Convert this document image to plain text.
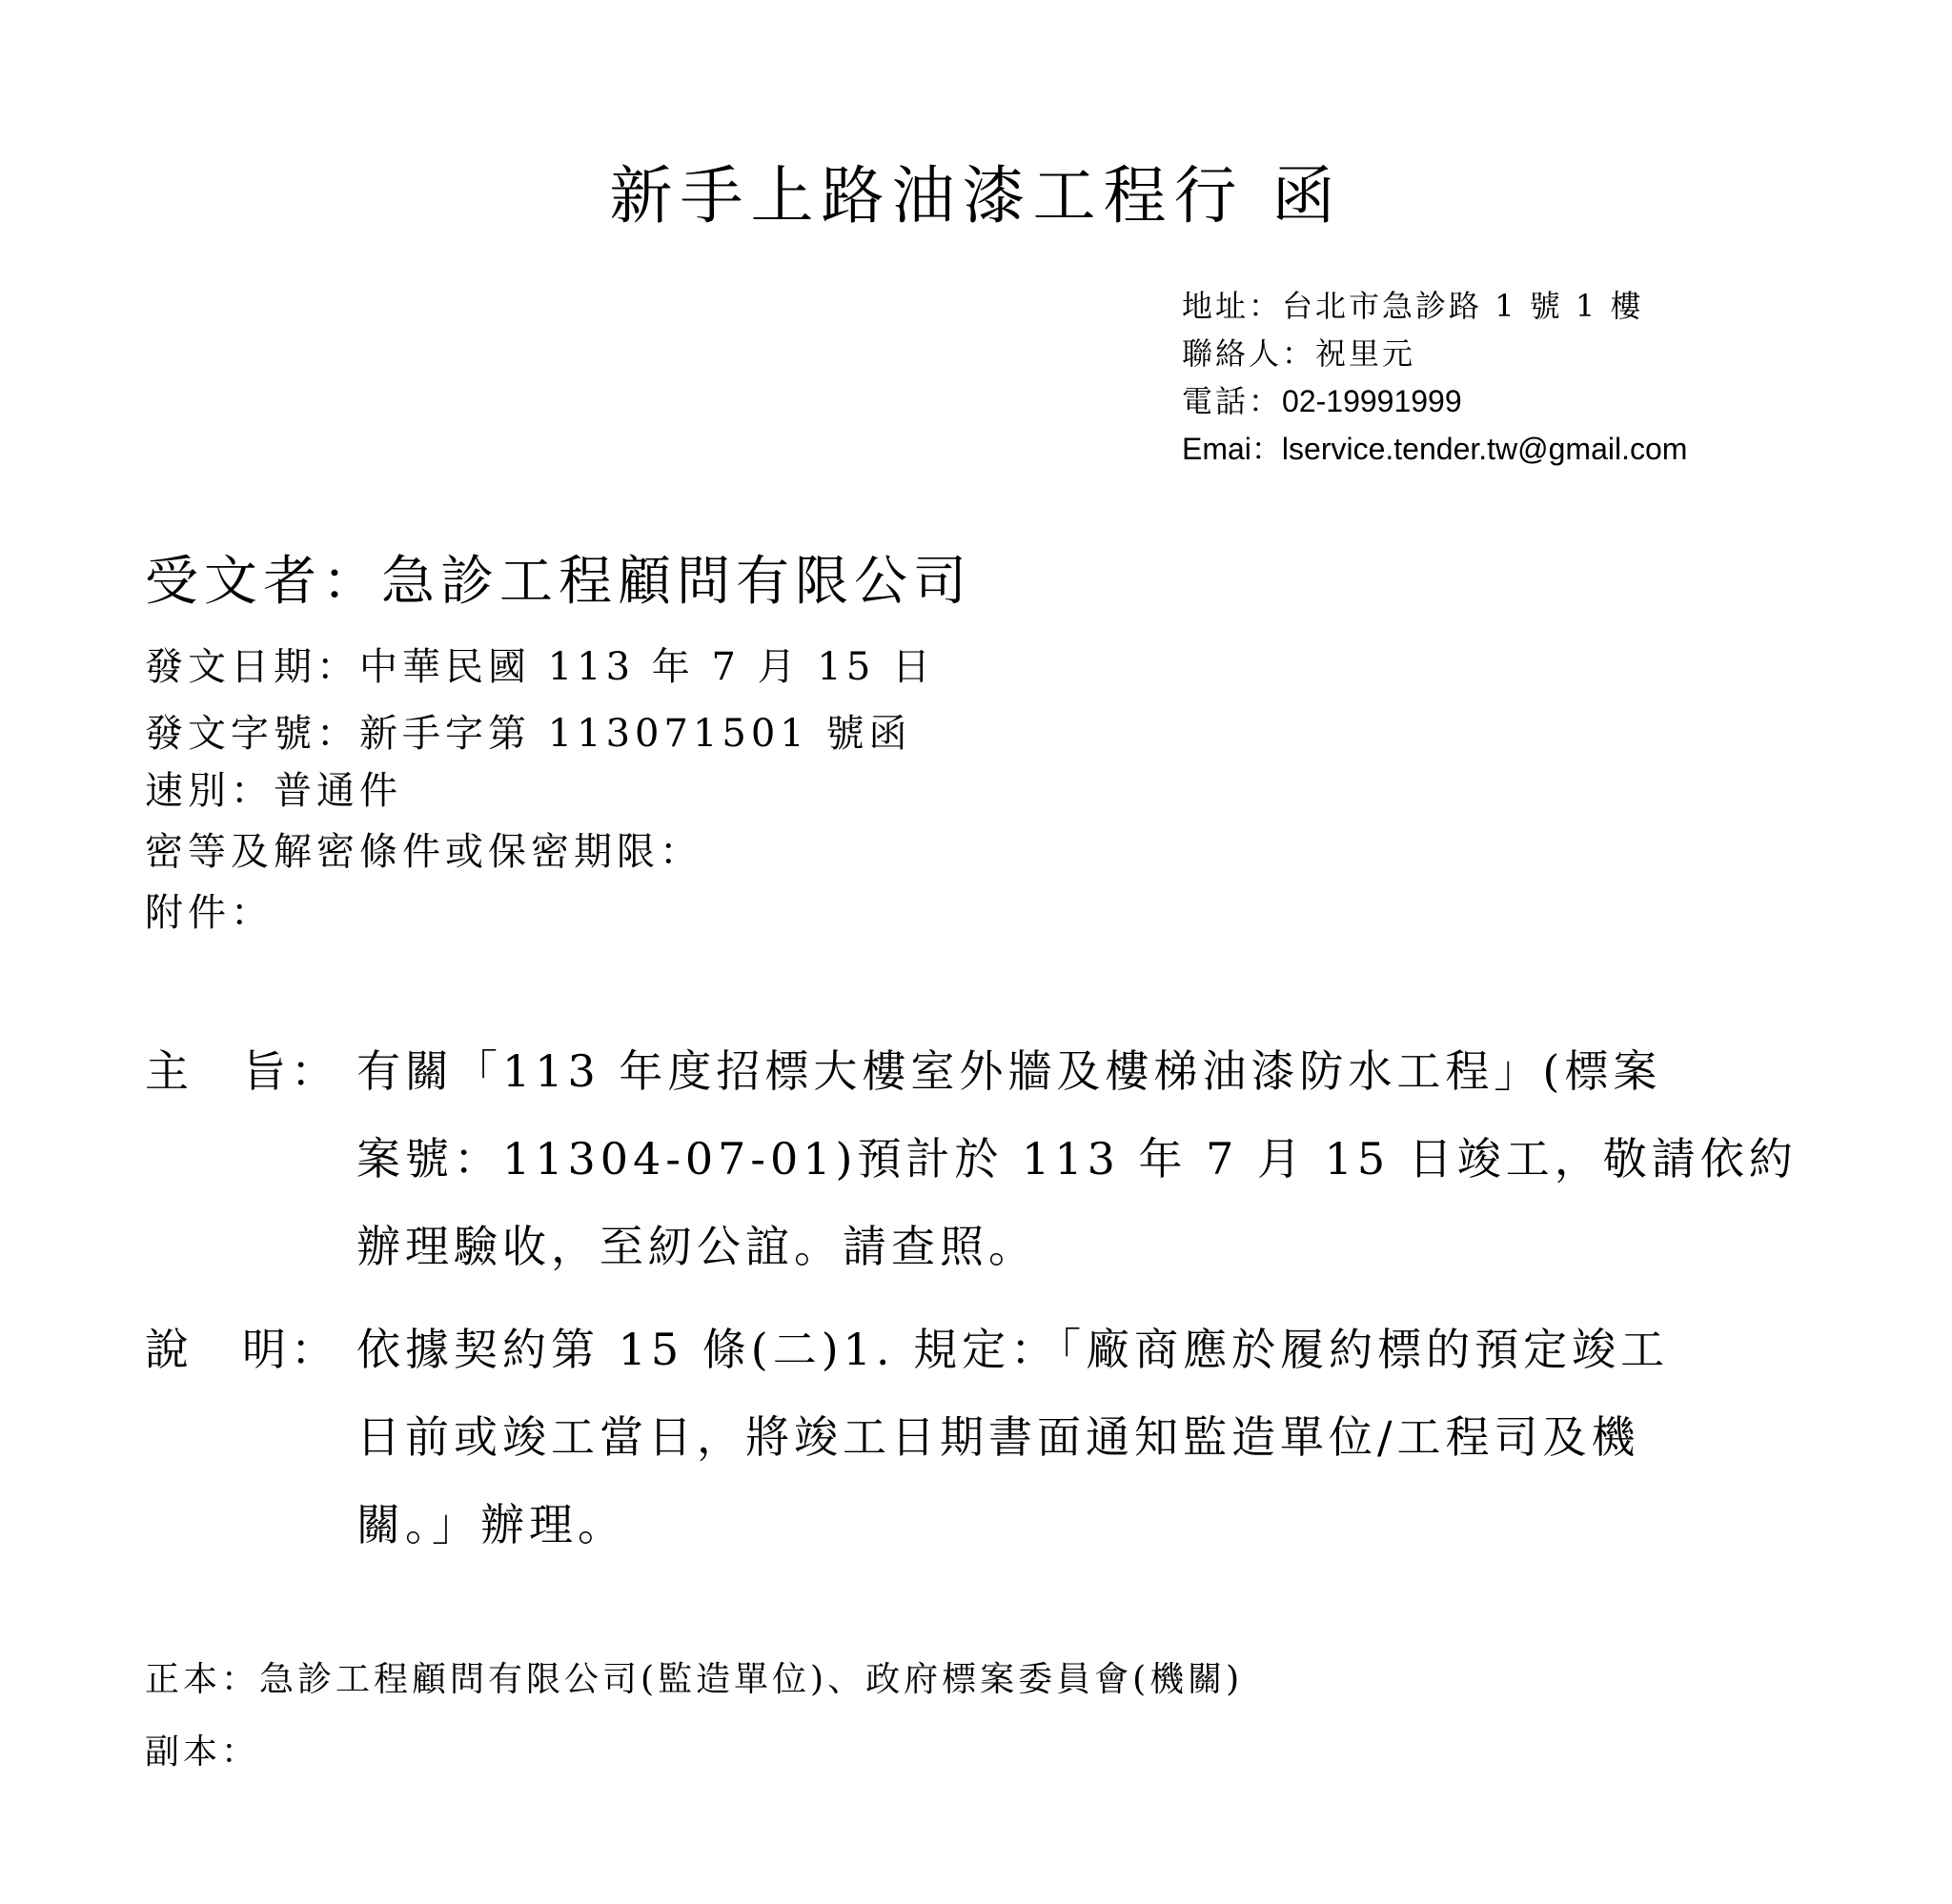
新手上路油漆工程行 函
地址：台北市急診路 1 號 1 樓
聯絡人：祝里元
電話：02-19991999
Emai：lservice.tender.tw@gmail.com
受文者：急診工程顧問有限公司
發文日期：中華民國 113 年 7 月 15 日
發文字號：新手字第 113071501 號函
速別：普通件
密等及解密條件或保密期限：
附件：
主　旨： 有關「113 年度招標大樓室外牆及樓梯油漆防水工程」(標案
案號：11304-07-01)預計於 113 年 7 月 15 日竣工，敬請依約
辦理驗收，至紉公誼。請查照。
說　明： 依據契約第 15 條(二)1. 規定：「廠商應於履約標的預定竣工
日前或竣工當日，將竣工日期書面通知監造單位/工程司及機
關。」辦理。
正本：急診工程顧問有限公司(監造單位)、政府標案委員會(機關)
副本：
